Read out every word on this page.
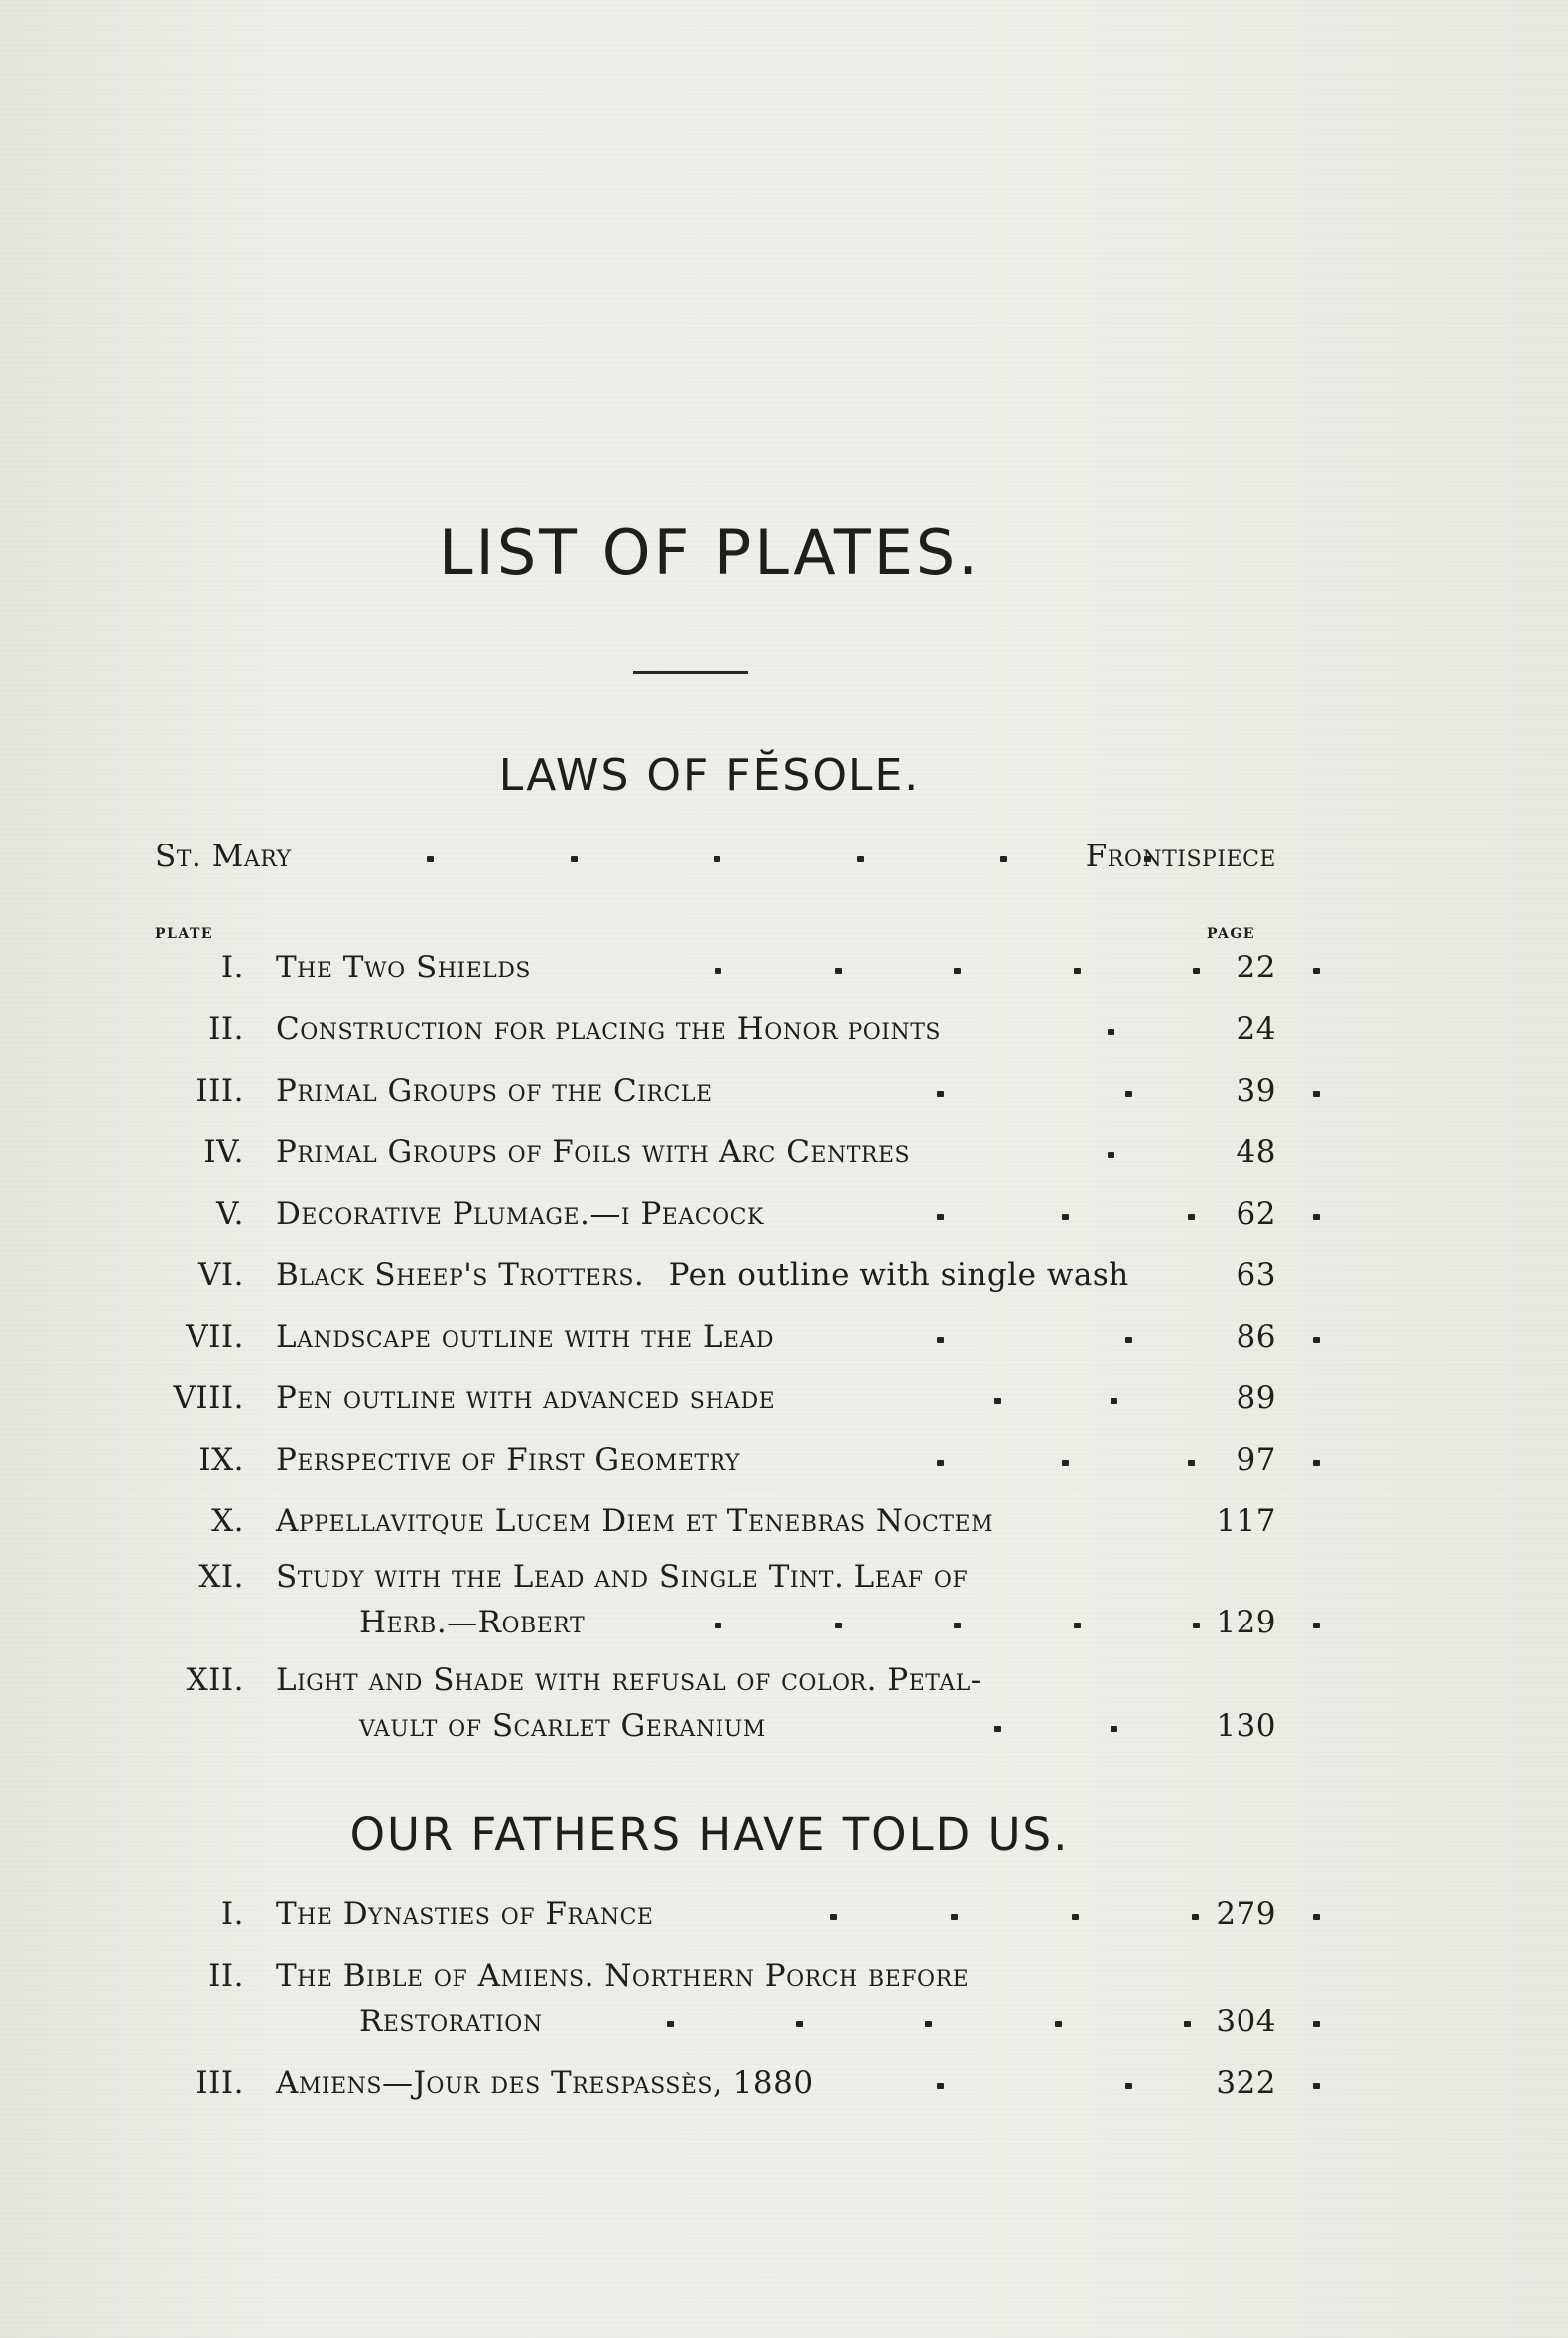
LIST OF PLATES.
LAWS OF FĔSOLE.
St. Mary	Frontispiece
plate	page
I. The Two Shields	22
II. Construction for placing the Honor points	24
III. Primal Groups of the Circle	39
IV. Primal Groups of Foils with Arc Centres	48
V. Decorative Plumage.—i Peacock	62
VI. Black Sheep's Trotters. Pen outline with single wash	63
VII. Landscape outline with the Lead	86
VIII. Pen outline with advanced shade	89
IX. Perspective of First Geometry	97
X. Appellavitque Lucem Diem et Tenebras Noctem	117
XI. Study with the Lead and Single Tint. Leaf of
Herb.—Robert	129
XII. Light and Shade with refusal of color. Petal-
vault of Scarlet Geranium	130
OUR FATHERS HAVE TOLD US.
I. The Dynasties of France	279
II. The Bible of Amiens. Northern Porch before
Restoration	304
III. Amiens—Jour des Trespassès, 1880	322
